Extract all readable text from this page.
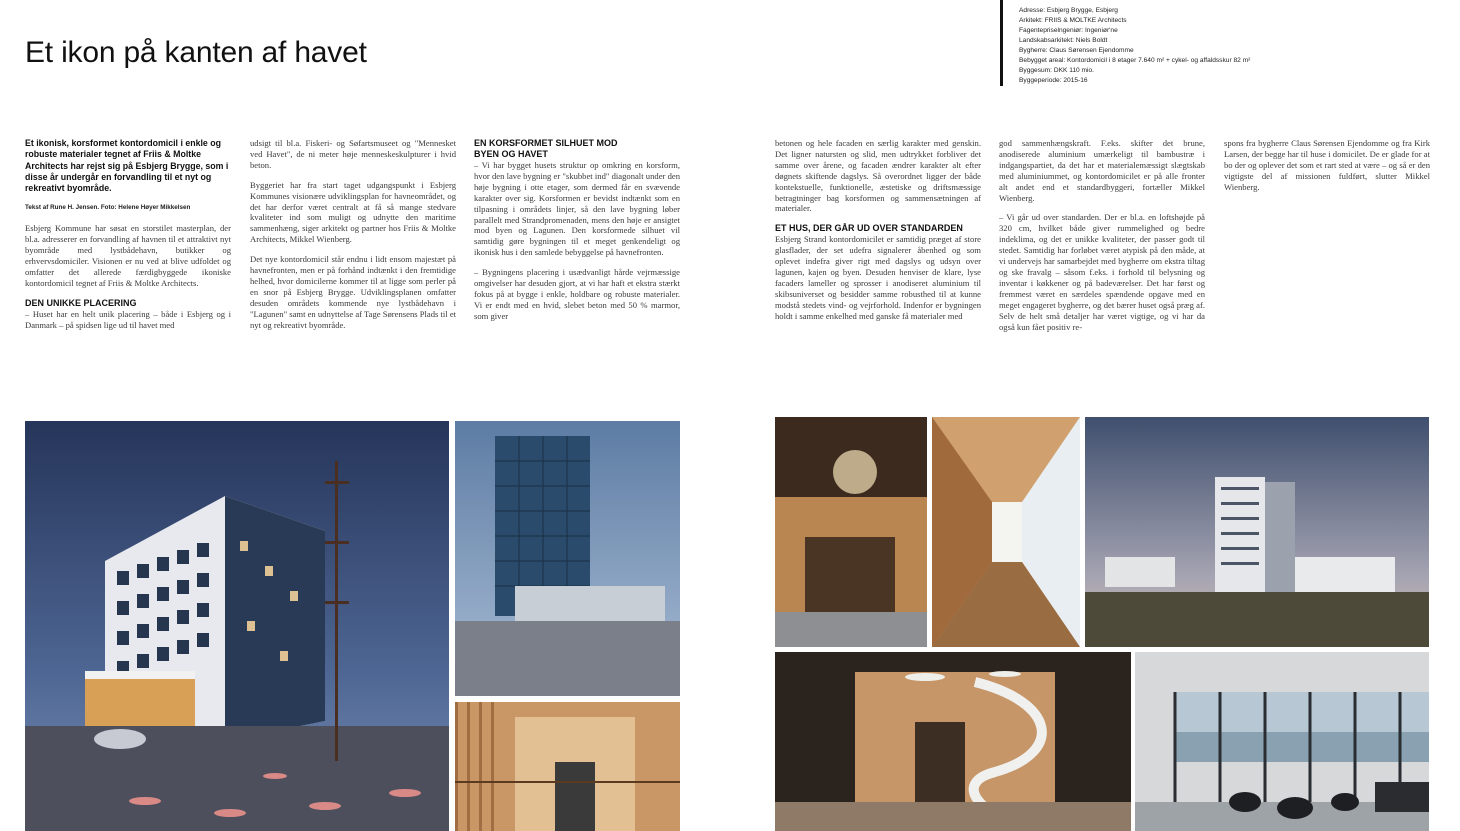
Et ikon på kanten af havet
Adresse: Esbjerg Brygge, Esbjerg
Arkitekt: FRIIS & MOLTKE Architects
Fagentepriselngeniør: Ingeniør'ne
Landskabsarkitekt: Niels Boldt
Bygherre: Claus Sørensen Ejendomme
Bebygget areal: Kontordomicil i 8 etager 7.640 m² + cykel- og affaldsskur 82 m²
Byggesum: DKK 110 mio.
Byggeperiode: 2015-16

Et ikonisk, korsformet kontordomicil i enkle og robuste materialer tegnet af Friis & Moltke Architects har rejst sig på Esbjerg Brygge, som i disse år undergår en forvandling til et nyt og rekreativt byområde.

Tekst af Rune H. Jensen. Foto: Helene Høyer Mikkelsen

Esbjerg Kommune har søsat en storstilet masterplan, der bl.a. adresserer en forvandling af havnen til et attraktivt nyt byområde med lystbådehavn, butikker og erhvervsdomiciler. Visionen er nu ved at blive udfoldet og omfatter det allerede færdigbyggede ikoniske kontordomicil tegnet af Friis & Moltke Architects.

DEN UNIKKE PLACERING

– Huset har en helt unik placering – både i Esbjerg og i Danmark – på spidsen lige ud til havet med

udsigt til bl.a. Fiskeri- og Søfartsmuseet og "Mennesket ved Havet", de ni meter høje menneskeskulpturer i hvid beton.

Byggeriet har fra start taget udgangspunkt i Esbjerg Kommunes visionære udviklingsplan for havneområdet, og det har derfor været centralt at få så mange stedvare kvaliteter ind som muligt og udnytte den maritime sammenhæng, siger arkitekt og partner hos Friis & Moltke Architects, Mikkel Wienberg.

Det nye kontordomicil står endnu i lidt ensom majestæt på havnefronten, men er på forhånd indtænkt i den fremtidige helhed, hvor domicilerne kommer til at ligge som perler på en snor på Esbjerg Brygge. Udviklingsplanen omfatter desuden områdets kommende nye lystbådehavn i "Lagunen" samt en udnyttelse af Tage Sørensens Plads til et nyt og rekreativt byområde.

EN KORSFORMET SILHUET MOD
BYEN OG HAVET

– Vi har bygget husets struktur op omkring en korsform, hvor den lave bygning er "skubbet ind" diagonalt under den høje bygning i otte etager, som dermed får en svævende karakter over sig. Korsformen er bevidst indtænkt som en tilpasning i områdets linjer, så den lave bygning løber parallelt med Strandpromenaden, mens den høje er ansigtet mod byen og Lagunen. Den korsformede silhuet vil samtidig gøre bygningen til et meget genkendeligt og ikonisk hus i den samlede bebyggelse på havnefronten.

– Bygningens placering i usædvanligt hårde vejrmæssige omgivelser har desuden gjort, at vi har haft et ekstra stærkt fokus på at bygge i enkle, holdbare og robuste materialer. Vi er endt med en hvid, slebet beton med 50 % marmor, som giver

betonen og hele facaden en særlig karakter med genskin. Det ligner natursten og slid, men udtrykket forbliver det samme over årene, og facaden ændrer karakter alt efter døgnets skiftende dagslys. Så overordnet ligger der både kontekstuelle, funktionelle, æstetiske og driftsmæssige betragtninger bag korsformen og sammensætningen af materialer.

ET HUS, DER GÅR UD OVER STANDARDEN

Esbjerg Strand kontordomicilet er samtidig præget af store glasflader, der set udefra signalerer åbenhed og som oplevet indefra giver rigt med dagslys og udsyn over lagunen, kajen og byen. Desuden henviser de klare, lyse facaders lameller og sprosser i anodiseret aluminium til skibsuniverset og besidder samme robusthed til at kunne modstå stedets vind- og vejrforhold. Indenfor er bygningen holdt i samme enkelhed med ganske få materialer med

god sammenhængskraft. F.eks. skifter det brune, anodiserede aluminium umærkeligt til bambustræ i indgangspartiet, da det har et materialemæssigt slægtskab med aluminiummet, og kontordomicilet er på alle fronter alt andet end et standardbyggeri, fortæller Mikkel Wienberg.

– Vi går ud over standarden. Der er bl.a. en loftshøjde på 320 cm, hvilket både giver rummelighed og bedre indeklima, og det er unikke kvaliteter, der passer godt til stedet. Samtidig har forløbet været atypisk på den måde, at vi undervejs har samarbejdet med bygherre om ekstra tiltag og ske fravalg – såsom f.eks. i forhold til belysning og inventar i køkkener og på badeværelser. Det har først og fremmest været en særdeles spændende opgave med en meget engageret bygherre, og det bærer huset også præg af. Selv de helt små detaljer har været vigtige, og vi har da også kun fået positiv re-

spons fra bygherre Claus Sørensen Ejendomme og fra Kirk Larsen, der begge har til huse i domicilet. De er glade for at bo der og oplever det som et rart sted at være – og så er den vigtigste del af missionen fuldført, slutter Mikkel Wienberg.
